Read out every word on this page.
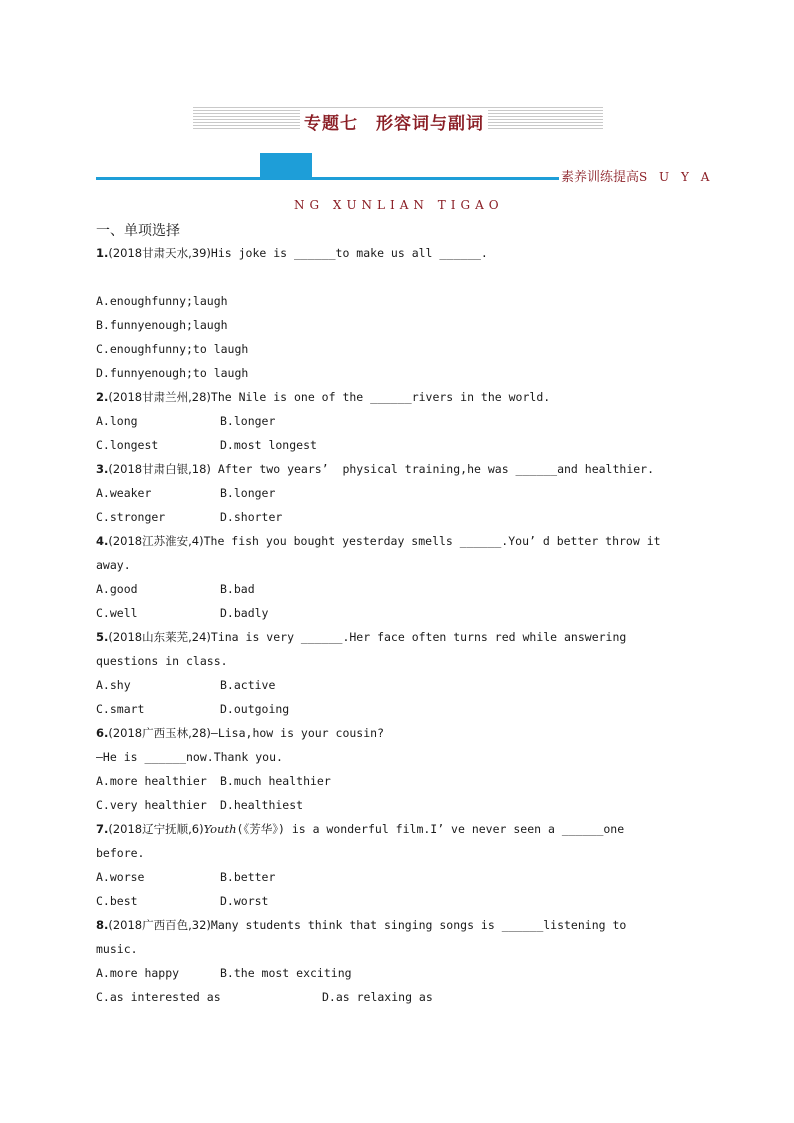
专题七　形容词与副词
素养训练提高S U Y A
NG XUNLIAN TIGAO
一、单项选择
1.(2018甘肃天水,39)His joke is ______to make us all ______.
A.enoughfunny;laugh
B.funnyenough;laugh
C.enoughfunny;to laugh
D.funnyenough;to laugh
2.(2018甘肃兰州,28)The Nile is one of the ______rivers in the world.
A.long	B.longer
C.longest	D.most longest
3.(2018甘肃白银,18) After two years’  physical training,he was ______and healthier.
A.weaker	B.longer
C.stronger	D.shorter
4.(2018江苏淮安,4)The fish you bought yesterday smells ______.You’ d better throw it
away.
A.good	B.bad
C.well	D.badly
5.(2018山东莱芜,24)Tina is very ______.Her face often turns red while answering
questions in class.
A.shy	B.active
C.smart	D.outgoing
6.(2018广西玉林,28)—Lisa,how is your cousin?
—He is ______now.Thank you.
A.more healthier B.much healthier
C.very healthier D.healthiest
7.(2018辽宁抚顺,6)Youth(《芳华》) is a wonderful film.I’ ve never seen a ______one
before.
A.worse	B.better
C.best	D.worst
8.(2018广西百色,32)Many students think that singing songs is ______listening to
music.
A.more happy	B.the most exciting
C.as interested as	D.as relaxing as
